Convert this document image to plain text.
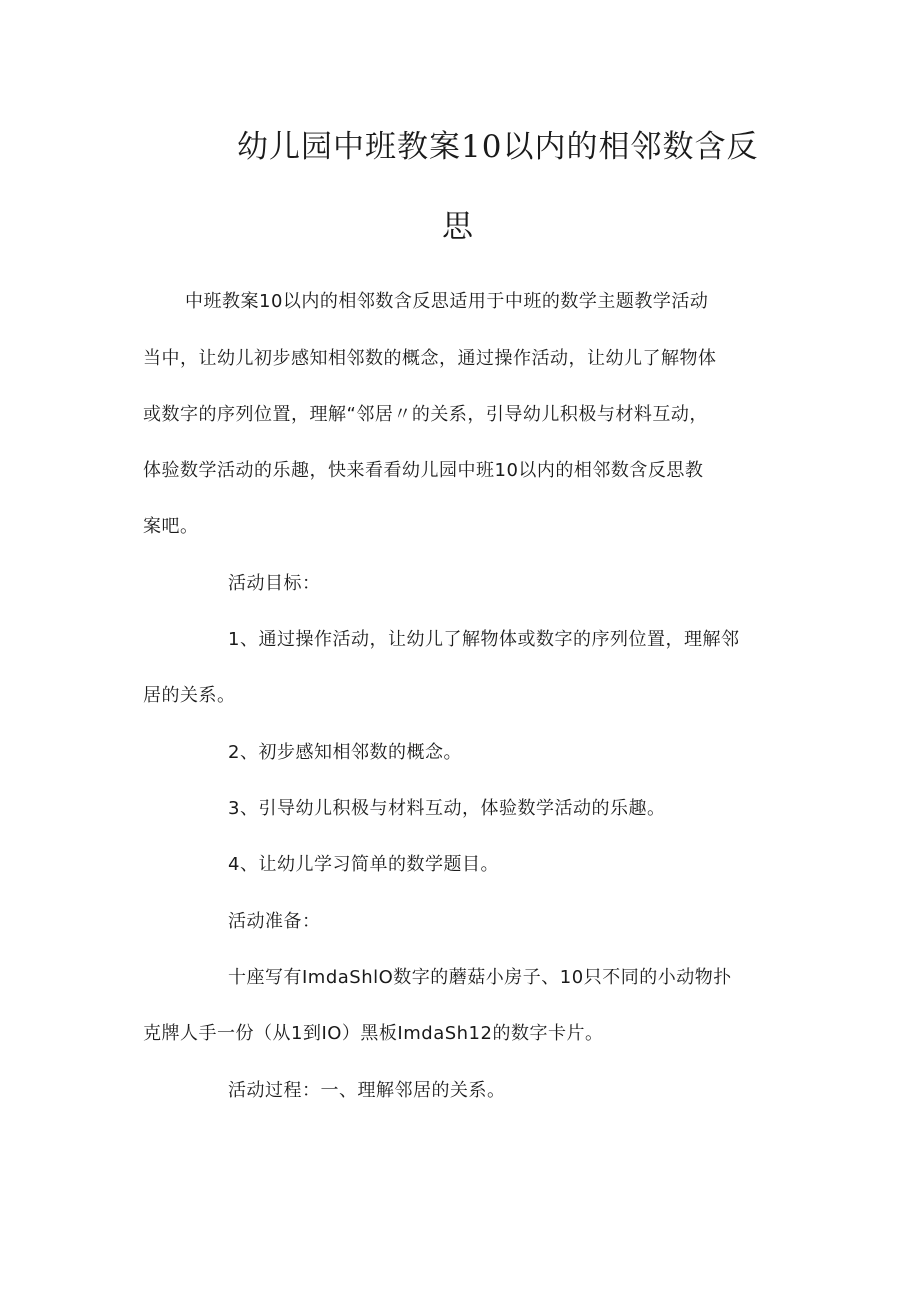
幼儿园中班教案10以内的相邻数含反
思

中班教案10以内的相邻数含反思适用于中班的数学主题教学活动

当中，让幼儿初步感知相邻数的概念，通过操作活动，让幼儿了解物体

或数字的序列位置，理解“邻居〃的关系，引导幼儿积极与材料互动，

体验数学活动的乐趣，快来看看幼儿园中班10以内的相邻数含反思教

案吧。

活动目标：

1、通过操作活动，让幼儿了解物体或数字的序列位置，理解邻

居的关系。

2、初步感知相邻数的概念。

3、引导幼儿积极与材料互动，体验数学活动的乐趣。

4、让幼儿学习简单的数学题目。

活动准备：

十座写有ImdaShlO数字的蘑菇小房子、10只不同的小动物扑

克牌人手一份（从1到IO）黑板ImdaSh12的数字卡片。

活动过程：一、理解邻居的关系。
